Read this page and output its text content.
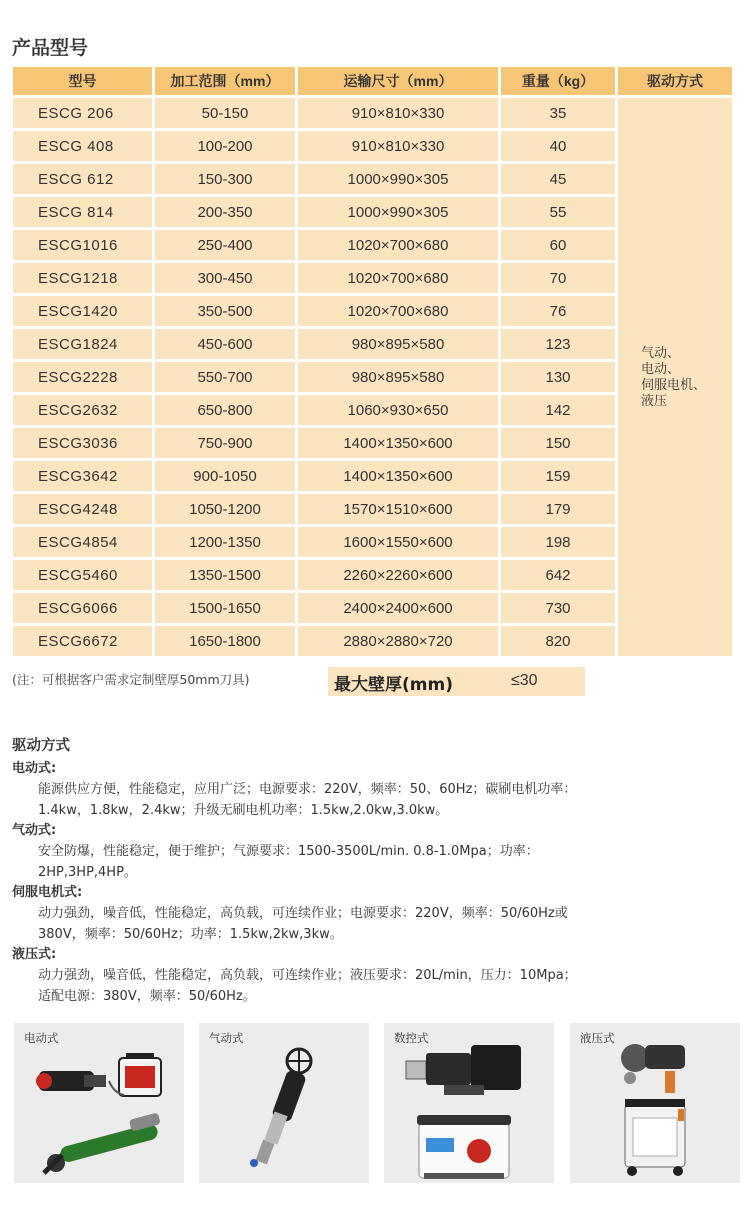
产品型号
型号	加工范围（mm）	运输尺寸（mm）	重量（kg）	驱动方式
ESCG 206	50-150	910×810×330	35	气动、
电动、
伺服电机、
液压

ESCG 408	100-200	910×810×330	40	
ESCG 612	150-300	1000×990×305	45	
ESCG 814	200-350	1000×990×305	55	
ESCG1016	250-400	1020×700×680	60	
ESCG1218	300-450	1020×700×680	70	
ESCG1420	350-500	1020×700×680	76	
ESCG1824	450-600	980×895×580	123	
ESCG2228	550-700	980×895×580	130	
ESCG2632	650-800	1060×930×650	142	
ESCG3036	750-900	1400×1350×600	150	
ESCG3642	900-1050	1400×1350×600	159	
ESCG4248	1050-1200	1570×1510×600	179	
ESCG4854	1200-1350	1600×1550×600	198	
ESCG5460	1350-1500	2260×2260×600	642	
ESCG6066	1500-1650	2400×2400×600	730	
ESCG6672	1650-1800	2880×2880×720	820	
(注：可根据客户需求定制壁厚50mm刀具)	最大壁厚(mm)	≤30
驱动方式
电动式:
能源供应方便，性能稳定，应用广泛；电源要求：220V，频率：50、60Hz；碳刷电机功率：
1.4kw，1.8kw，2.4kw；升级无刷电机功率：1.5kw,2.0kw,3.0kw。
气动式:
安全防爆，性能稳定，便于维护；气源要求：1500-3500L/min. 0.8-1.0Mpa；功率：
2HP,3HP,4HP。
伺服电机式:
动力强劲，噪音低，性能稳定，高负载，可连续作业；电源要求：220V，频率：50/60Hz或
380V，频率：50/60Hz；功率：1.5kw,2kw,3kw。
液压式:
动力强劲，噪音低，性能稳定，高负载，可连续作业；液压要求：20L/min，压力：10Mpa；
适配电源：380V，频率：50/60Hz。
电动式	气动式	数控式	液压式
